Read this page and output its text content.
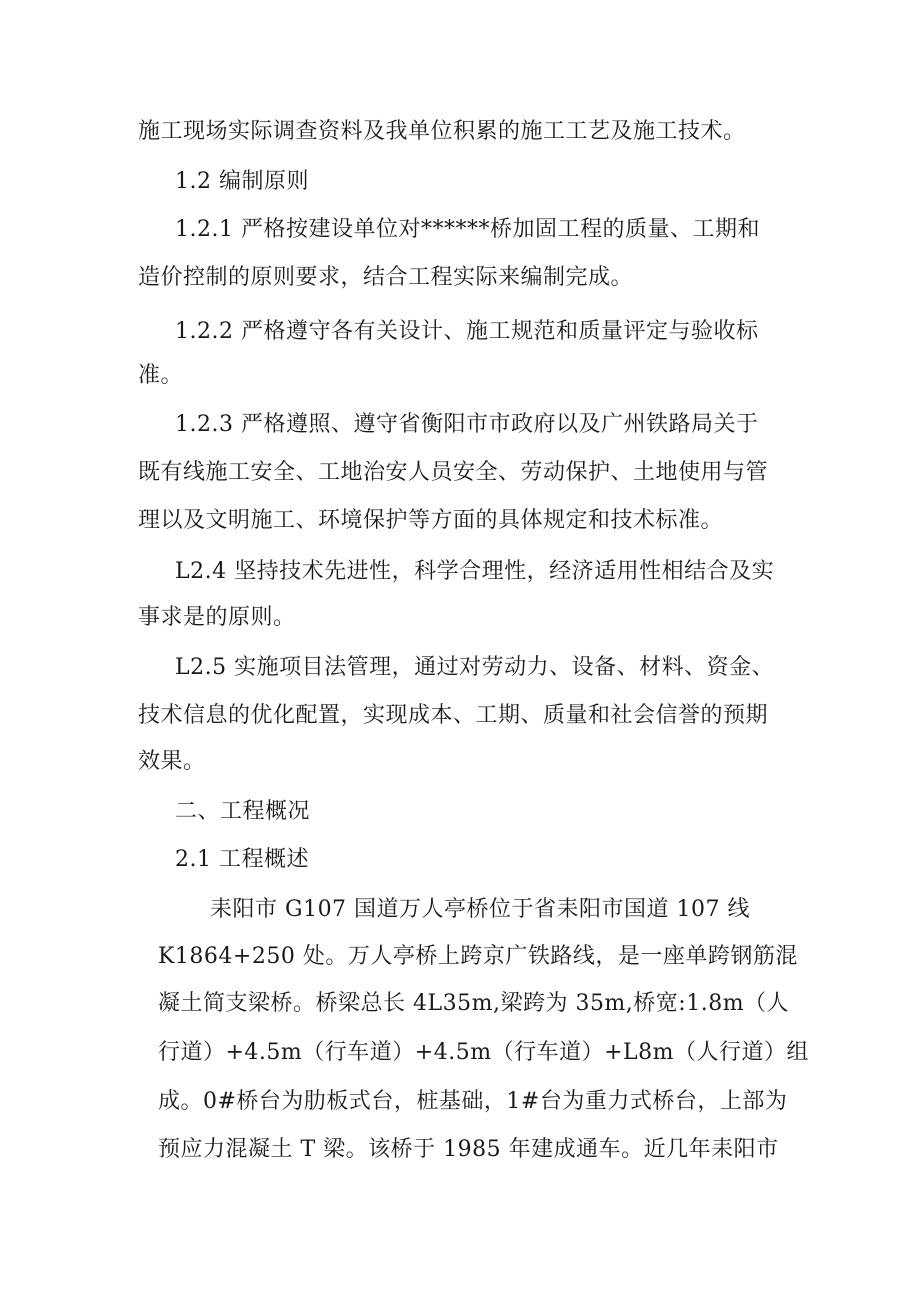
施工现场实际调查资料及我单位积累的施工工艺及施工技术。
1.2 编制原则
1.2.1 严格按建设单位对******桥加固工程的质量、工期和
造价控制的原则要求，结合工程实际来编制完成。
1.2.2 严格遵守各有关设计、施工规范和质量评定与验收标
准。
1.2.3 严格遵照、遵守省衡阳市市政府以及广州铁路局关于
既有线施工安全、工地治安人员安全、劳动保护、土地使用与管
理以及文明施工、环境保护等方面的具体规定和技术标准。
L2.4 坚持技术先进性，科学合理性，经济适用性相结合及实
事求是的原则。
L2.5 实施项目法管理，通过对劳动力、设备、材料、资金、
技术信息的优化配置，实现成本、工期、质量和社会信誉的预期
效果。
二、工程概况
2.1 工程概述
耒阳市 G107 国道万人亭桥位于省耒阳市国道 107 线
K1864+250 处。万人亭桥上跨京广铁路线，是一座单跨钢筋混
凝土简支梁桥。桥梁总长 4L35m,梁跨为 35m,桥宽:1.8m（人
行道）+4.5m（行车道）+4.5m（行车道）+L8m（人行道）组
成。0#桥台为肋板式台，桩基础，1#台为重力式桥台，上部为
预应力混凝土 T 梁。该桥于 1985 年建成通车。近几年耒阳市
